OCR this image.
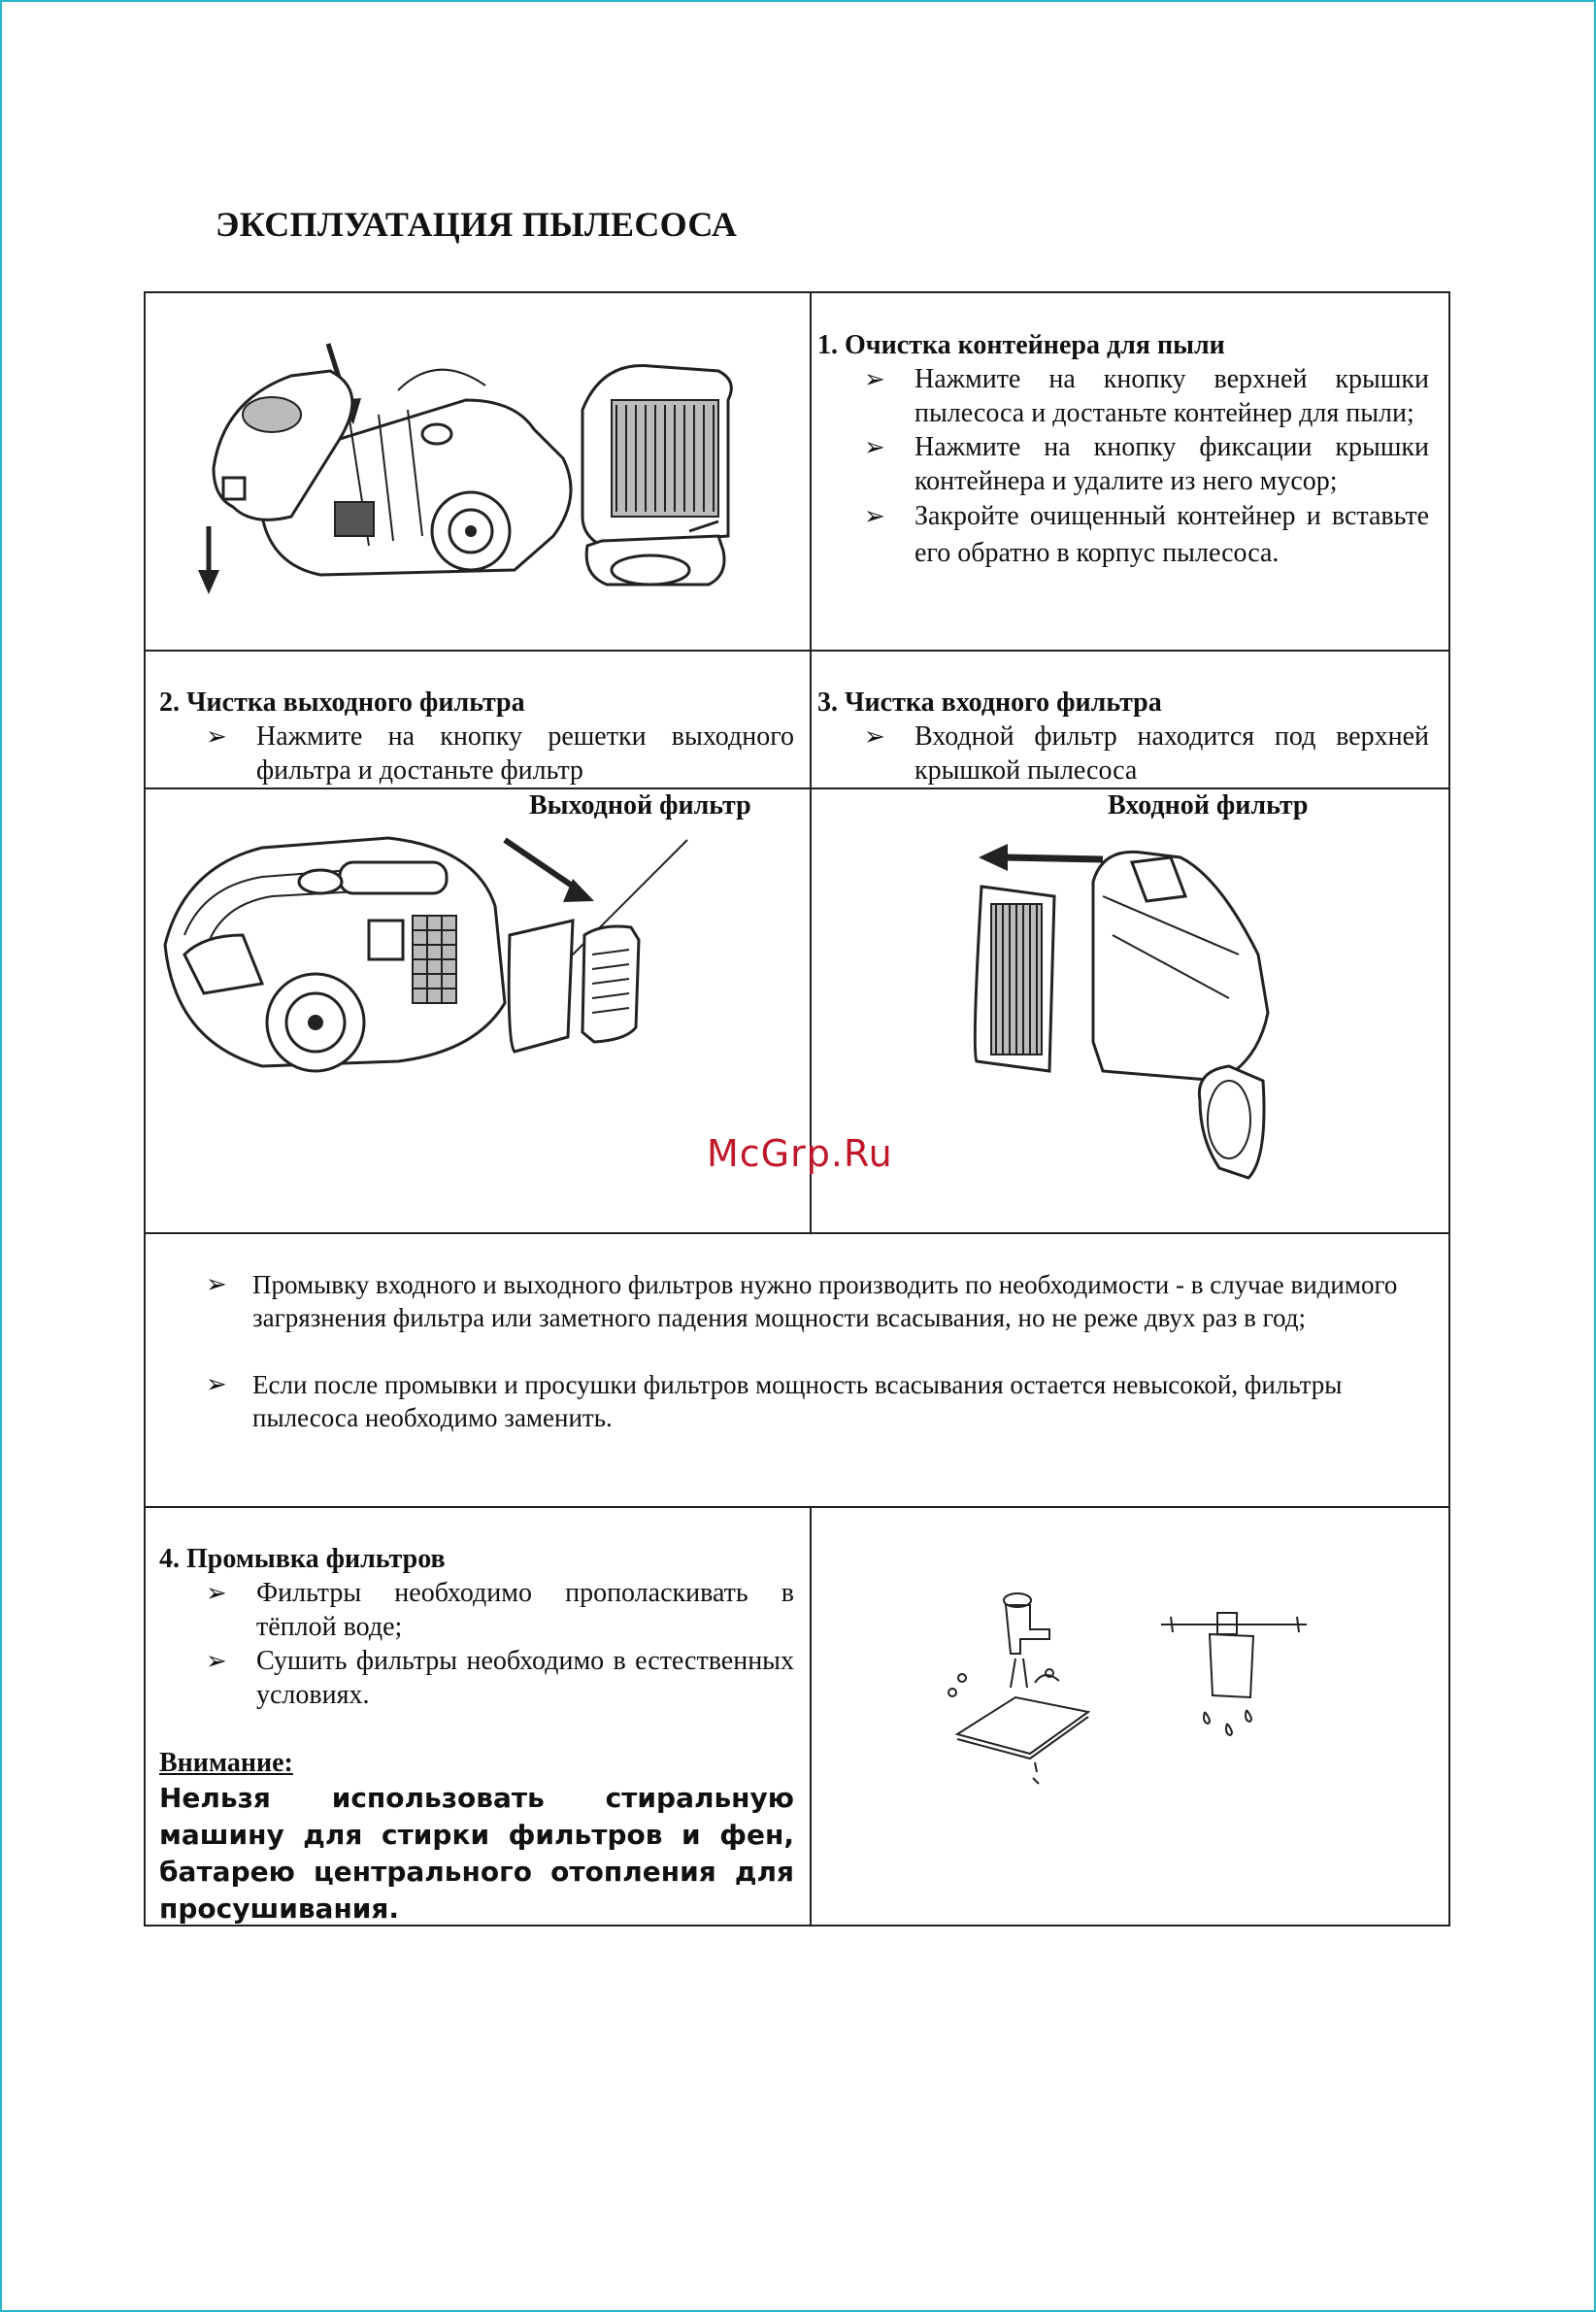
ЭКСПЛУАТАЦИЯ ПЫЛЕСОСА
1. Очистка контейнера для пыли
➢ Нажмите на кнопку верхней крышки пылесоса и достаньте контейнер для пыли;
➢ Нажмите на кнопку фиксации крышки контейнера и удалите из него мусор;
➢ Закройте очищенный контейнер и вставьте его обратно в корпус пылесоса.
2. Чистка выходного фильтра
➢ Нажмите на кнопку решетки выходного фильтра и достаньте фильтр
3. Чистка входного фильтра
➢ Входной фильтр находится под верхней крышкой пылесоса
Выходной фильтр	Входной фильтр
➢ Промывку входного и выходного фильтров нужно производить по необходимости - в случае видимого загрязнения фильтра или заметного падения мощности всасывания, но не реже двух раз в год;
➢ Если после промывки и просушки фильтров мощность всасывания остается невысокой, фильтры пылесоса необходимо заменить.
4. Промывка фильтров
➢ Фильтры необходимо прополаскивать в тёплой воде;
➢ Сушить фильтры необходимо в естественных условиях.
Внимание:
Нельзя использовать стиральную машину для стирки фильтров и фен, батарею центрального отопления для просушивания.
McGrp.Ru
